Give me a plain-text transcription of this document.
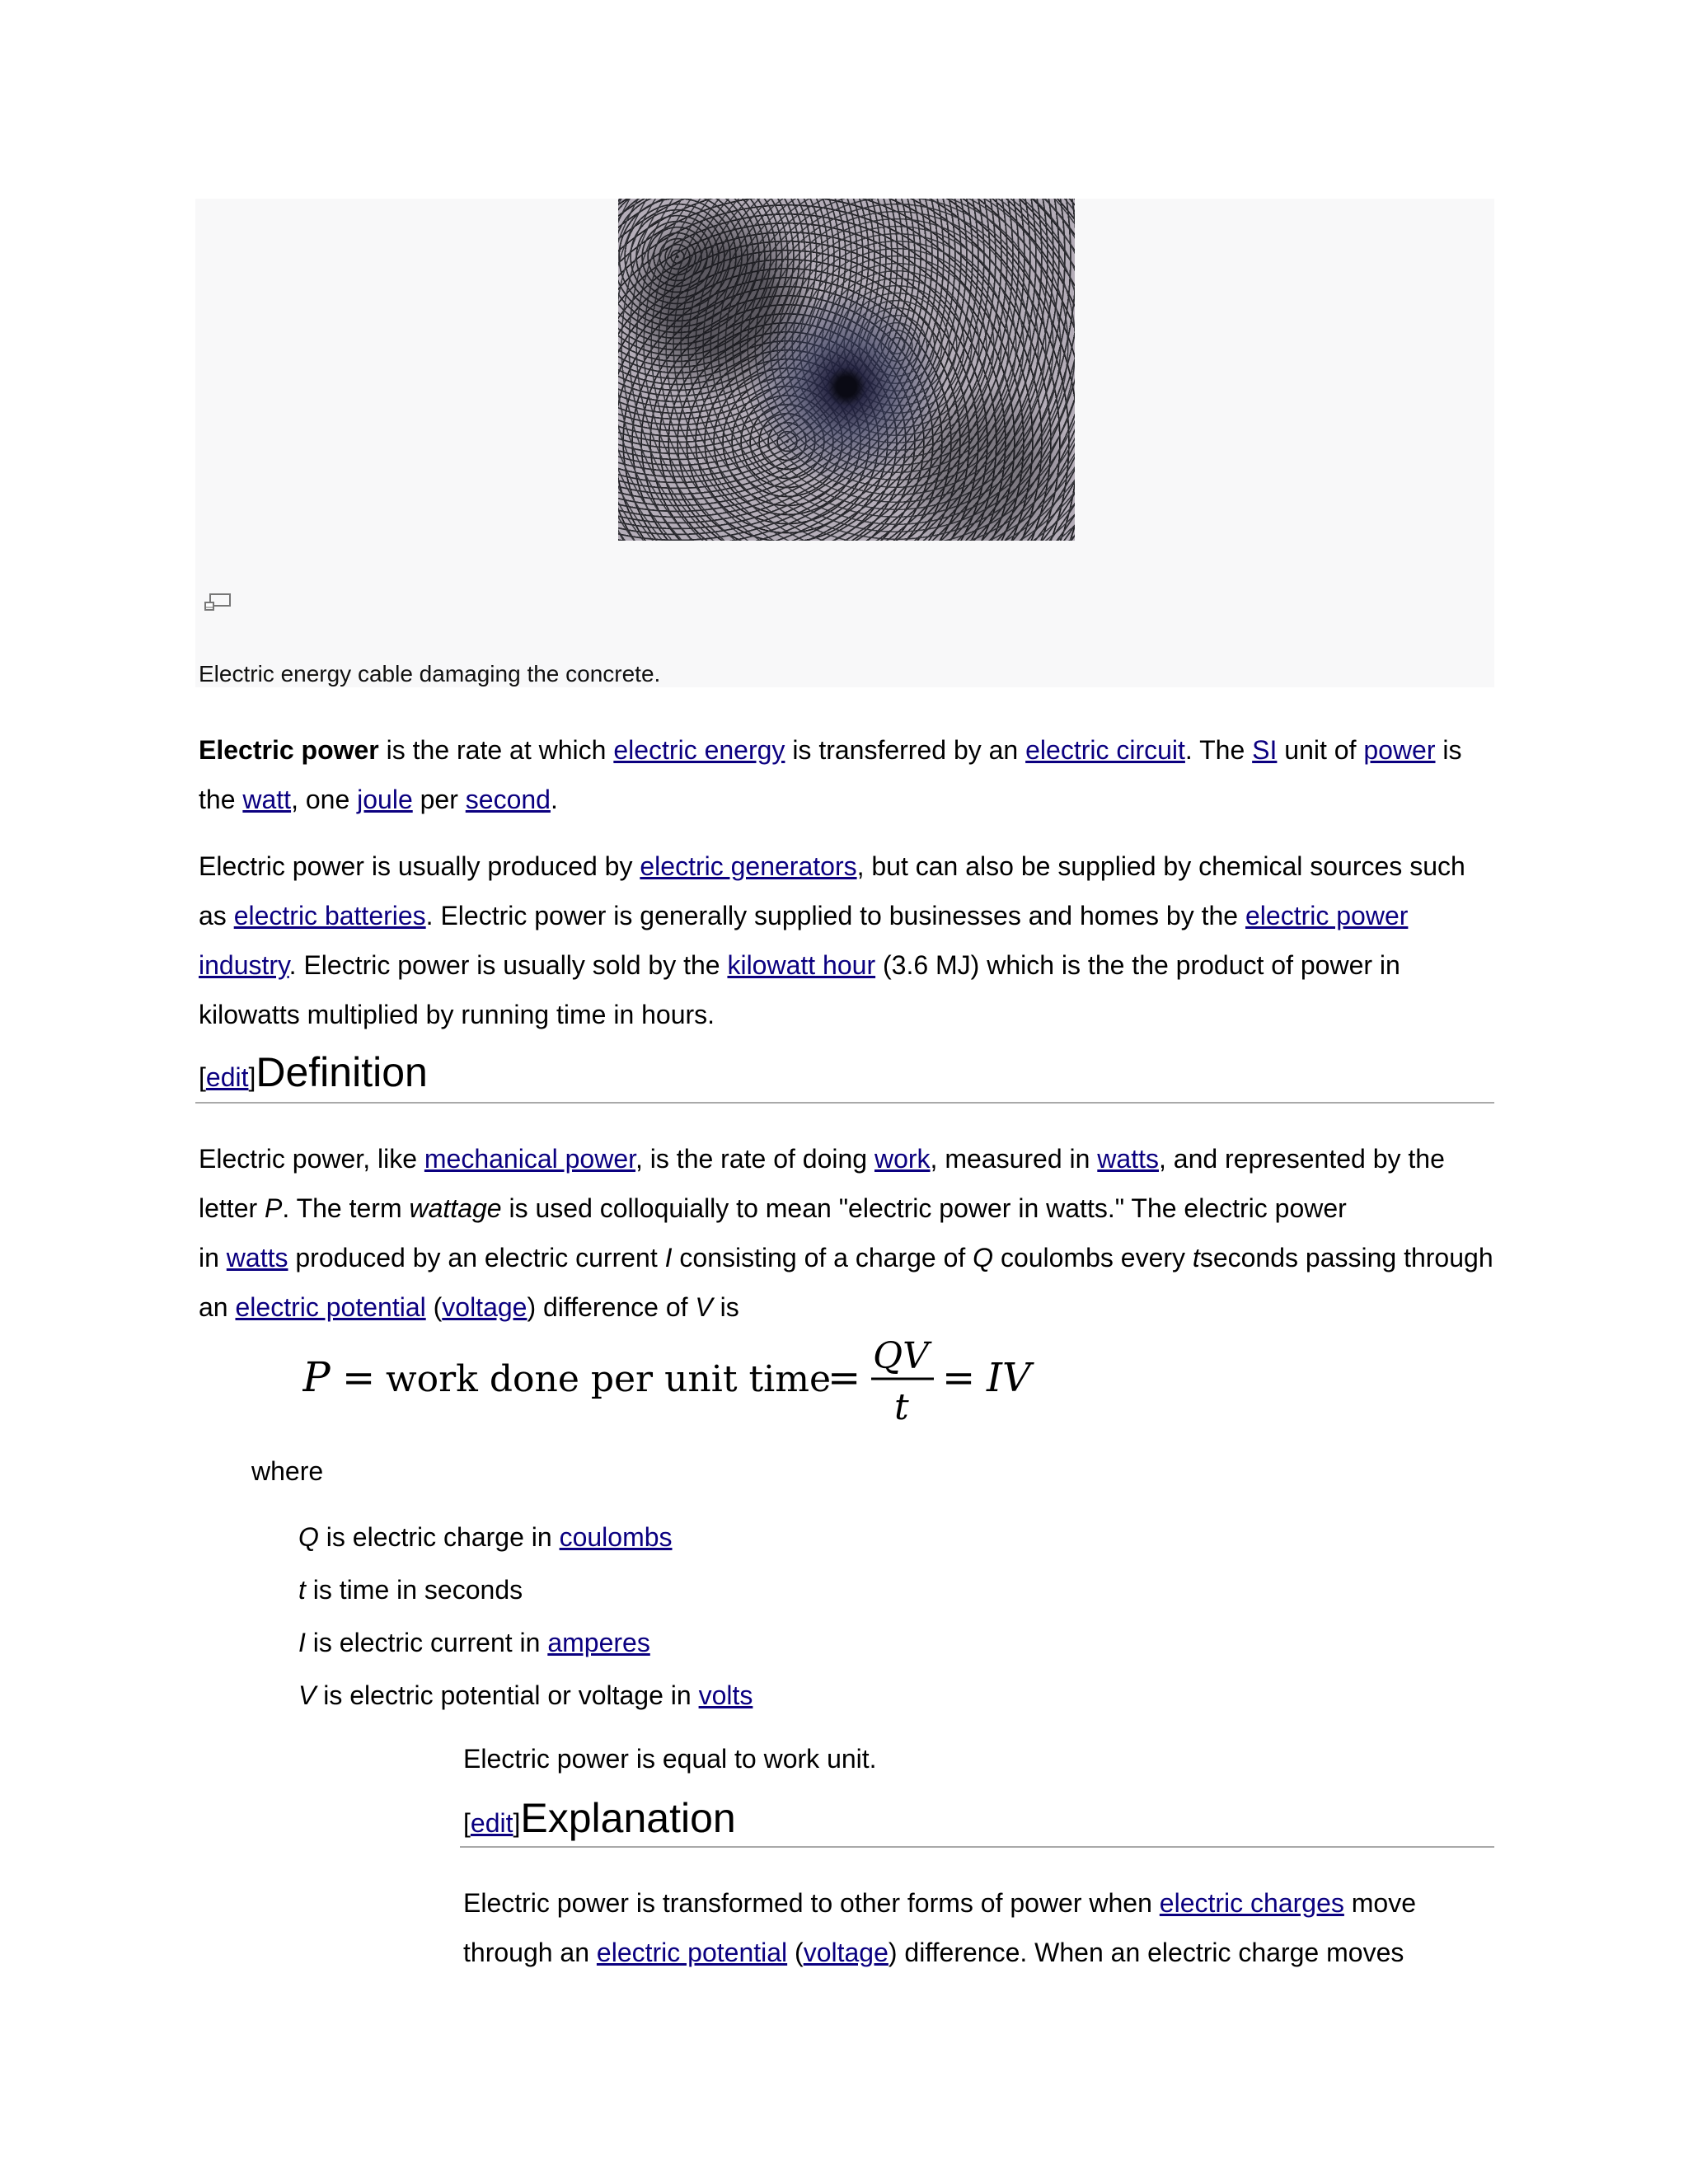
Electric energy cable damaging the concrete.
Electric power is the rate at which electric energy is transferred by an electric circuit. The SI unit of power is
the watt, one joule per second.
Electric power is usually produced by electric generators, but can also be supplied by chemical sources such
as electric batteries. Electric power is generally supplied to businesses and homes by the electric power
industry. Electric power is usually sold by the kilowatt hour (3.6 MJ) which is the the product of power in
kilowatts multiplied by running time in hours.
[edit]Definition
Electric power, like mechanical power, is the rate of doing work, measured in watts, and represented by the
letter P. The term wattage is used colloquially to mean "electric power in watts." The electric power
in watts produced by an electric current I consisting of a charge of Q coulombs every tseconds passing through
an electric potential (voltage) difference of V is
P = work done per unit time
= QV
t
= IV
where
Q is electric charge in coulombs
t is time in seconds
I is electric current in amperes
V is electric potential or voltage in volts
Electric power is equal to work unit.
[edit]Explanation
Electric power is transformed to other forms of power when electric charges move
through an electric potential (voltage) difference. When an electric charge moves
